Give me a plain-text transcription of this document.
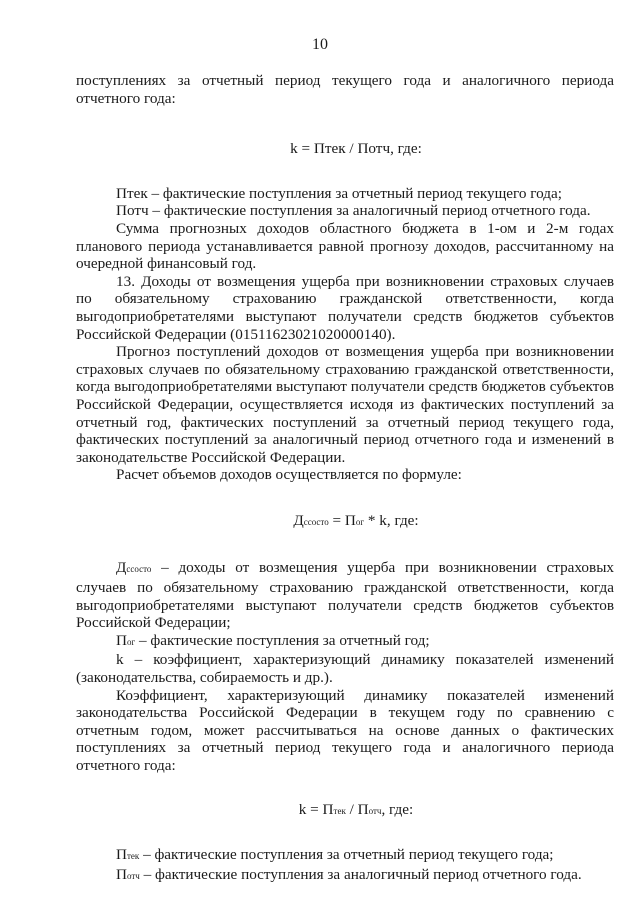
10

поступлениях за отчетный период текущего года и аналогичного периода отчетного года:

k = Птек / Потч, где:

Птек – фактические поступления за отчетный период текущего года;

Потч – фактические поступления за аналогичный период отчетного года.

Сумма прогнозных доходов областного бюджета в 1-ом и 2-м годах планового периода устанавливается равной прогнозу доходов, рассчитанному на очередной финансовый год.

13. Доходы от возмещения ущерба при возникновении страховых случаев по обязательному страхованию гражданской ответственности, когда выгодоприобретателями выступают получатели средств бюджетов субъектов Российской Федерации (01511623021020000140).

Прогноз поступлений доходов от возмещения ущерба при возникновении страховых случаев по обязательному страхованию гражданской ответственности, когда выгодоприобретателями выступают получатели средств бюджетов субъектов Российской Федерации, осуществляется исходя из фактических поступлений за отчетный год, фактических поступлений за отчетный период текущего года, фактических поступлений за аналогичный период отчетного года и изменений в законодательстве Российской Федерации.

Расчет объемов доходов осуществляется по формуле:

Дссосто = Пог * k, где:

Дссосто – доходы от возмещения ущерба при возникновении страховых случаев по обязательному страхованию гражданской ответственности, когда выгодоприобретателями выступают получатели средств бюджетов субъектов Российской Федерации;

Пог – фактические поступления за отчетный год;

k – коэффициент, характеризующий динамику показателей изменений (законодательства, собираемость и др.).

Коэффициент, характеризующий динамику показателей изменений законодательства Российской Федерации в текущем году по сравнению с отчетным годом, может рассчитываться на основе данных о фактических поступлениях за отчетный период текущего года и аналогичного периода отчетного года:

k = Птек / Потч, где:

Птек – фактические поступления за отчетный период текущего года;

Потч – фактические поступления за аналогичный период отчетного года.
